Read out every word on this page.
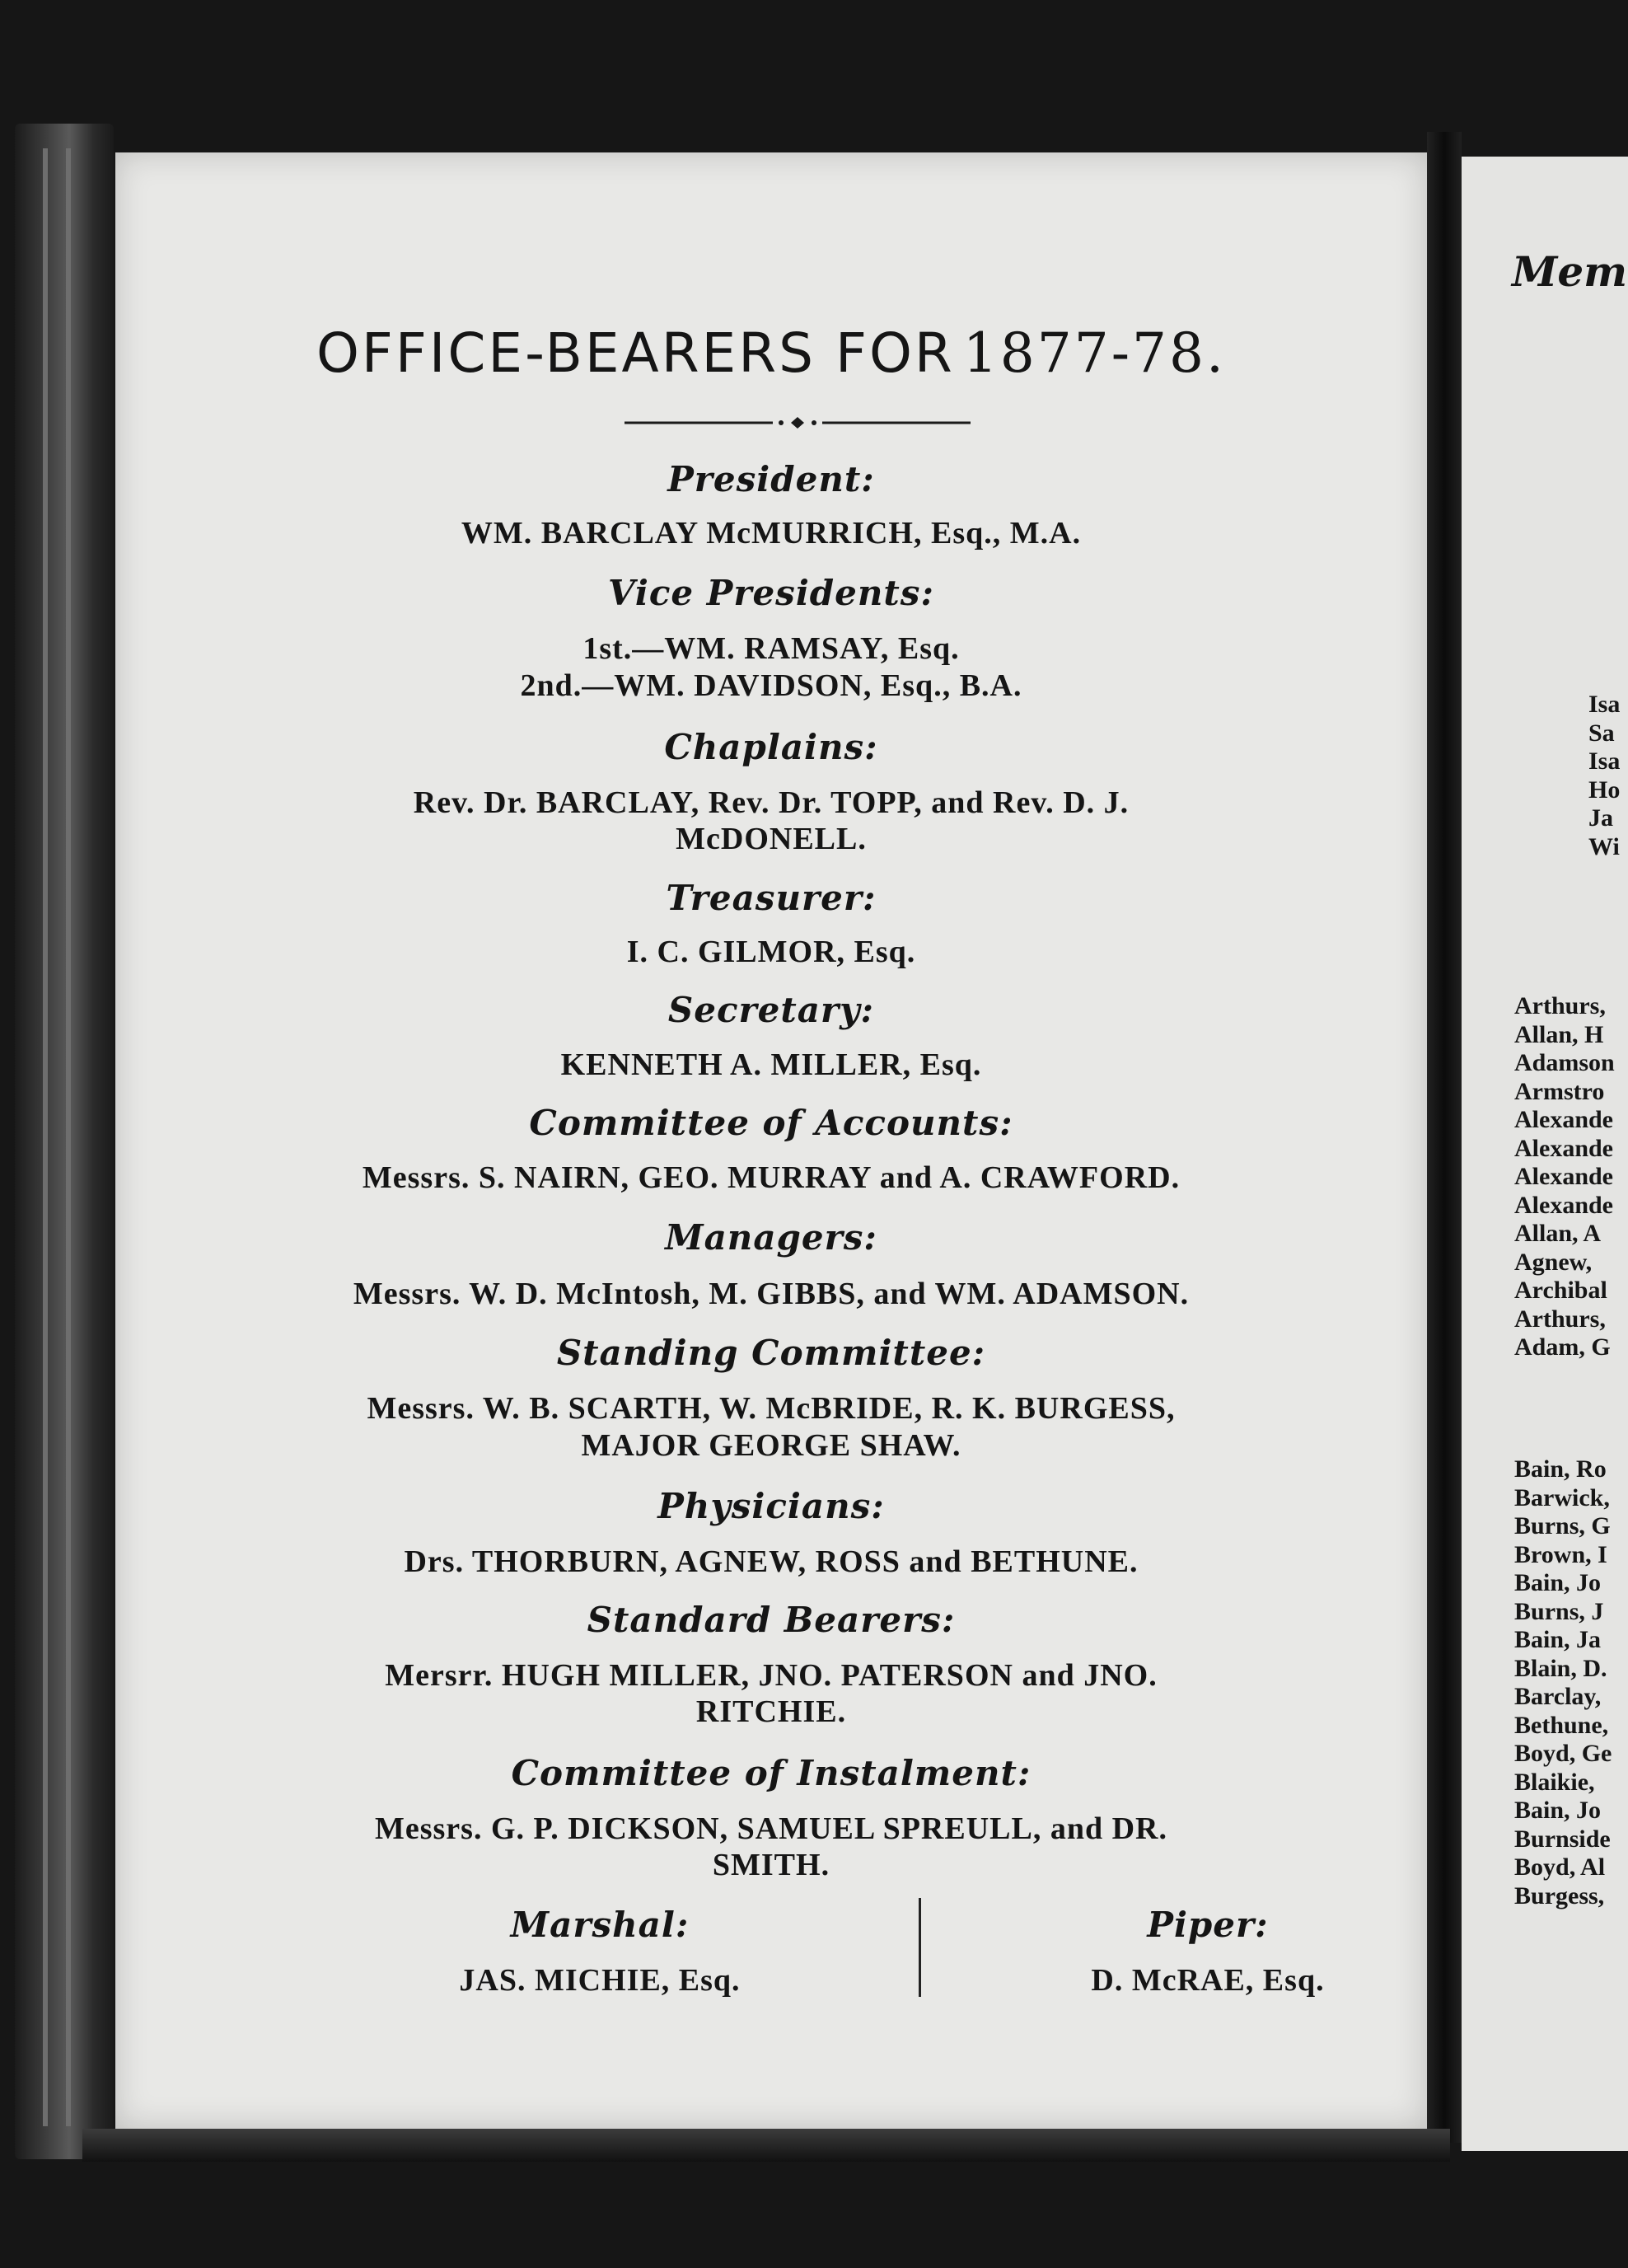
OFFICE-BEARERS FOR 1877-78.
President:
WM. BARCLAY McMURRICH, Esq., M.A.
Vice Presidents:
1st.—WM. RAMSAY, Esq.
2nd.—WM. DAVIDSON, Esq., B.A.
Chaplains:
Rev. Dr. BARCLAY, Rev. Dr. TOPP, and Rev. D. J.
McDONELL.
Treasurer:
I. C. GILMOR, Esq.
Secretary:
KENNETH A. MILLER, Esq.
Committee of Accounts:
Messrs. S. NAIRN, GEO. MURRAY and A. CRAWFORD.
Managers:
Messrs. W. D. McIntosh, M. GIBBS, and WM. ADAMSON.
Standing Committee:
Messrs. W. B. SCARTH, W. McBRIDE, R. K. BURGESS,
MAJOR GEORGE SHAW.
Physicians:
Drs. THORBURN, AGNEW, ROSS and BETHUNE.
Standard Bearers:
Mersrr. HUGH MILLER, JNO. PATERSON and JNO.
RITCHIE.
Committee of Instalment:
Messrs. G. P. DICKSON, SAMUEL SPREULL, and DR.
SMITH.
Marshal:
JAS. MICHIE, Esq.
Piper:
D. McRAE, Esq.
Mem
Isa
Sa
Isa
Ho
Ja
Wi
Arthurs,
Allan, H
Adamson
Armstro
Alexande
Alexande
Alexande
Alexande
Allan, A
Agnew,
Archibal
Arthurs,
Adam, G
Bain, Ro
Barwick,
Burns, G
Brown, I
Bain, Jo
Burns, J
Bain, Ja
Blain, D.
Barclay,
Bethune,
Boyd, Ge
Blaikie,
Bain, Jo
Burnside
Boyd, Al
Burgess,
